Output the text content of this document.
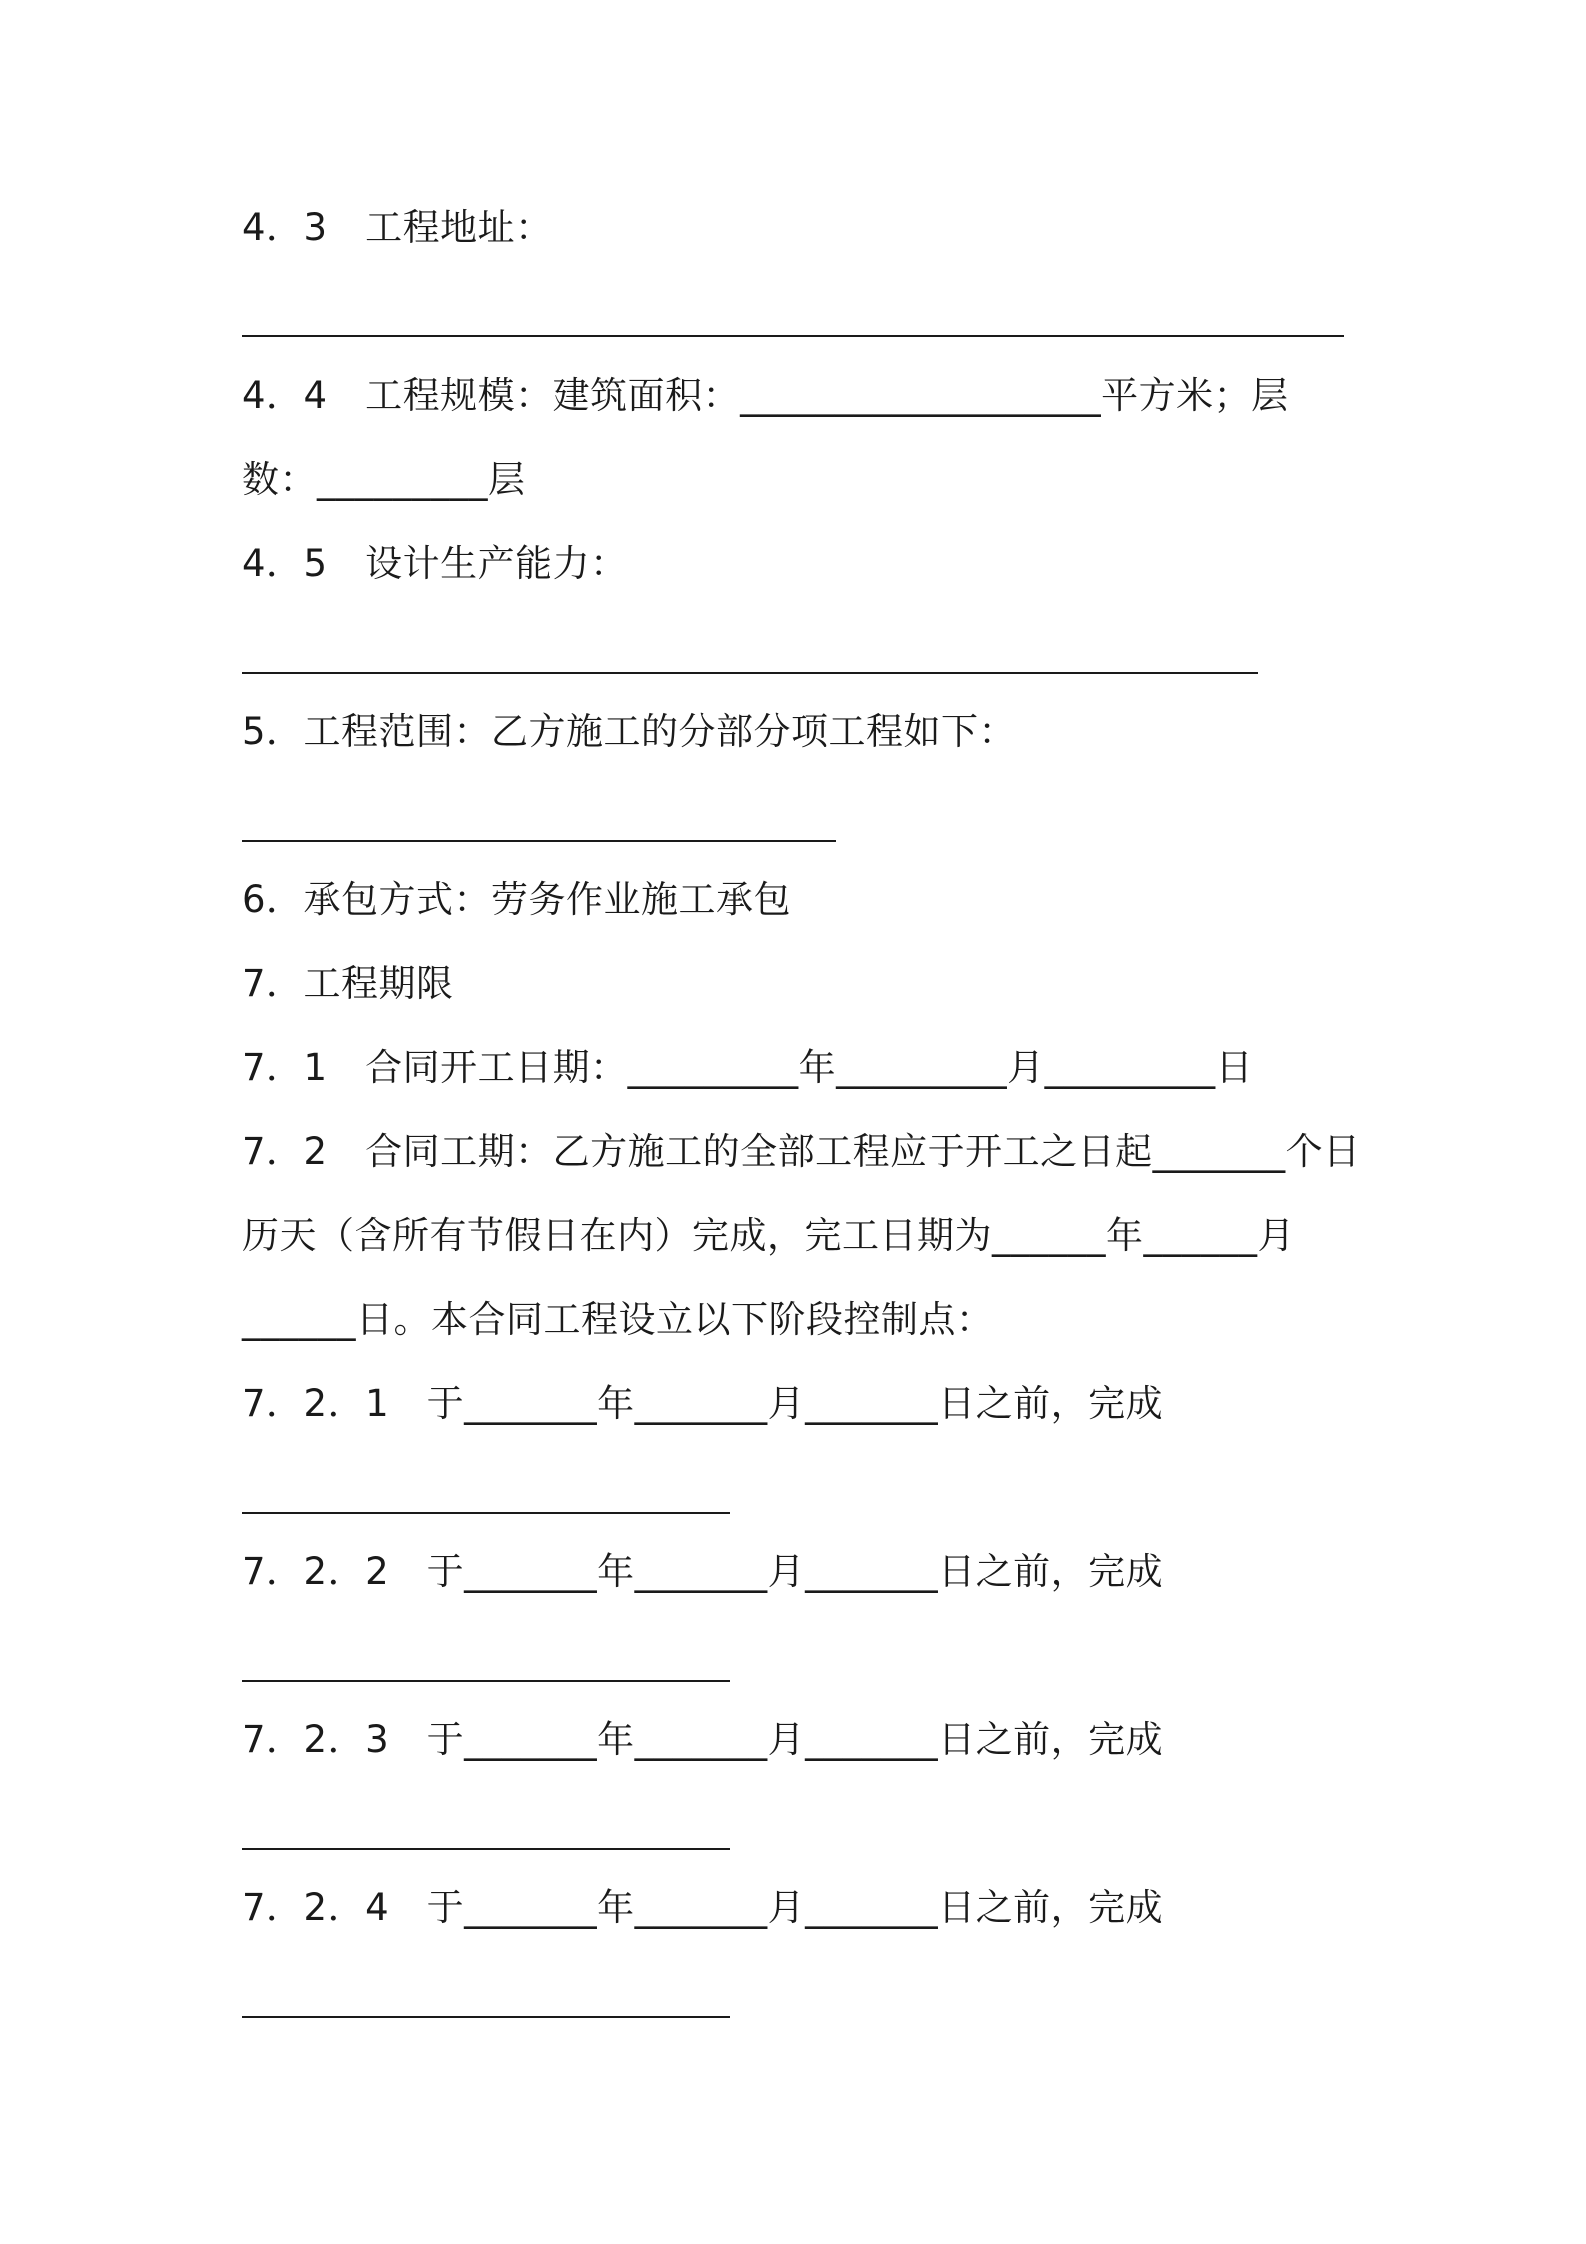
4．3　工程地址：
4．4　工程规模：建筑面积：___________________平方米；层
数：_________层
4．5　设计生产能力：
5．工程范围：乙方施工的分部分项工程如下：
6．承包方式：劳务作业施工承包
7．工程期限
7．1　合同开工日期：_________年_________月_________日
7．2　合同工期：乙方施工的全部工程应于开工之日起_______个日
历天（含所有节假日在内）完成，完工日期为______年______月
______日。本合同工程设立以下阶段控制点：
7．2．1　于_______年_______月_______日之前，完成
7．2．2　于_______年_______月_______日之前，完成
7．2．3　于_______年_______月_______日之前，完成
7．2．4　于_______年_______月_______日之前，完成
